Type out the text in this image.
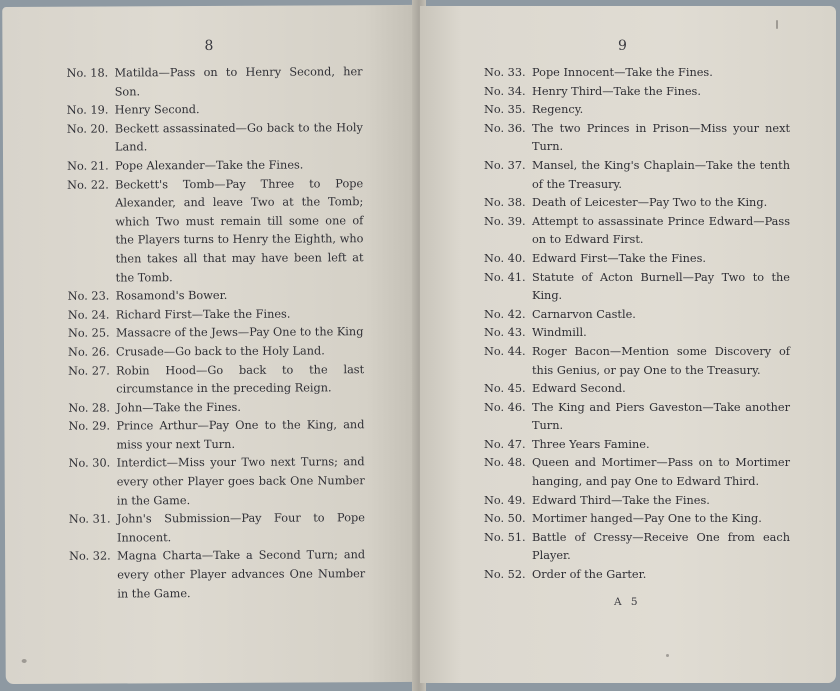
8
No. 18. Matilda—Pass on to Henry Second, her Son.
No. 19. Henry Second.
No. 20. Beckett assassinated—Go back to the Holy Land.
No. 21. Pope Alexander—Take the Fines.
No. 22. Beckett's Tomb—Pay Three to Pope Alexander, and leave Two at the Tomb; which Two must remain till some one of the Players turns to Henry the Eighth, who then takes all that may have been left at the Tomb.
No. 23. Rosamond's Bower.
No. 24. Richard First—Take the Fines.
No. 25. Massacre of the Jews—Pay One to the King
No. 26. Crusade—Go back to the Holy Land.
No. 27. Robin Hood—Go back to the last circumstance in the preceding Reign.
No. 28. John—Take the Fines.
No. 29. Prince Arthur—Pay One to the King, and miss your next Turn.
No. 30. Interdict—Miss your Two next Turns; and every other Player goes back One Number in the Game.
No. 31. John's Submission—Pay Four to Pope Innocent.
No. 32. Magna Charta—Take a Second Turn; and every other Player advances One Number in the Game.
9
No. 33. Pope Innocent—Take the Fines.
No. 34. Henry Third—Take the Fines.
No. 35. Regency.
No. 36. The two Princes in Prison—Miss your next Turn.
No. 37. Mansel, the King's Chaplain—Take the tenth of the Treasury.
No. 38. Death of Leicester—Pay Two to the King.
No. 39. Attempt to assassinate Prince Edward—Pass on to Edward First.
No. 40. Edward First—Take the Fines.
No. 41. Statute of Acton Burnell—Pay Two to the King.
No. 42. Carnarvon Castle.
No. 43. Windmill.
No. 44. Roger Bacon—Mention some Discovery of this Genius, or pay One to the Treasury.
No. 45. Edward Second.
No. 46. The King and Piers Gaveston—Take another Turn.
No. 47. Three Years Famine.
No. 48. Queen and Mortimer—Pass on to Mortimer hanging, and pay One to Edward Third.
No. 49. Edward Third—Take the Fines.
No. 50. Mortimer hanged—Pay One to the King.
No. 51. Battle of Cressy—Receive One from each Player.
No. 52. Order of the Garter.
A 5
